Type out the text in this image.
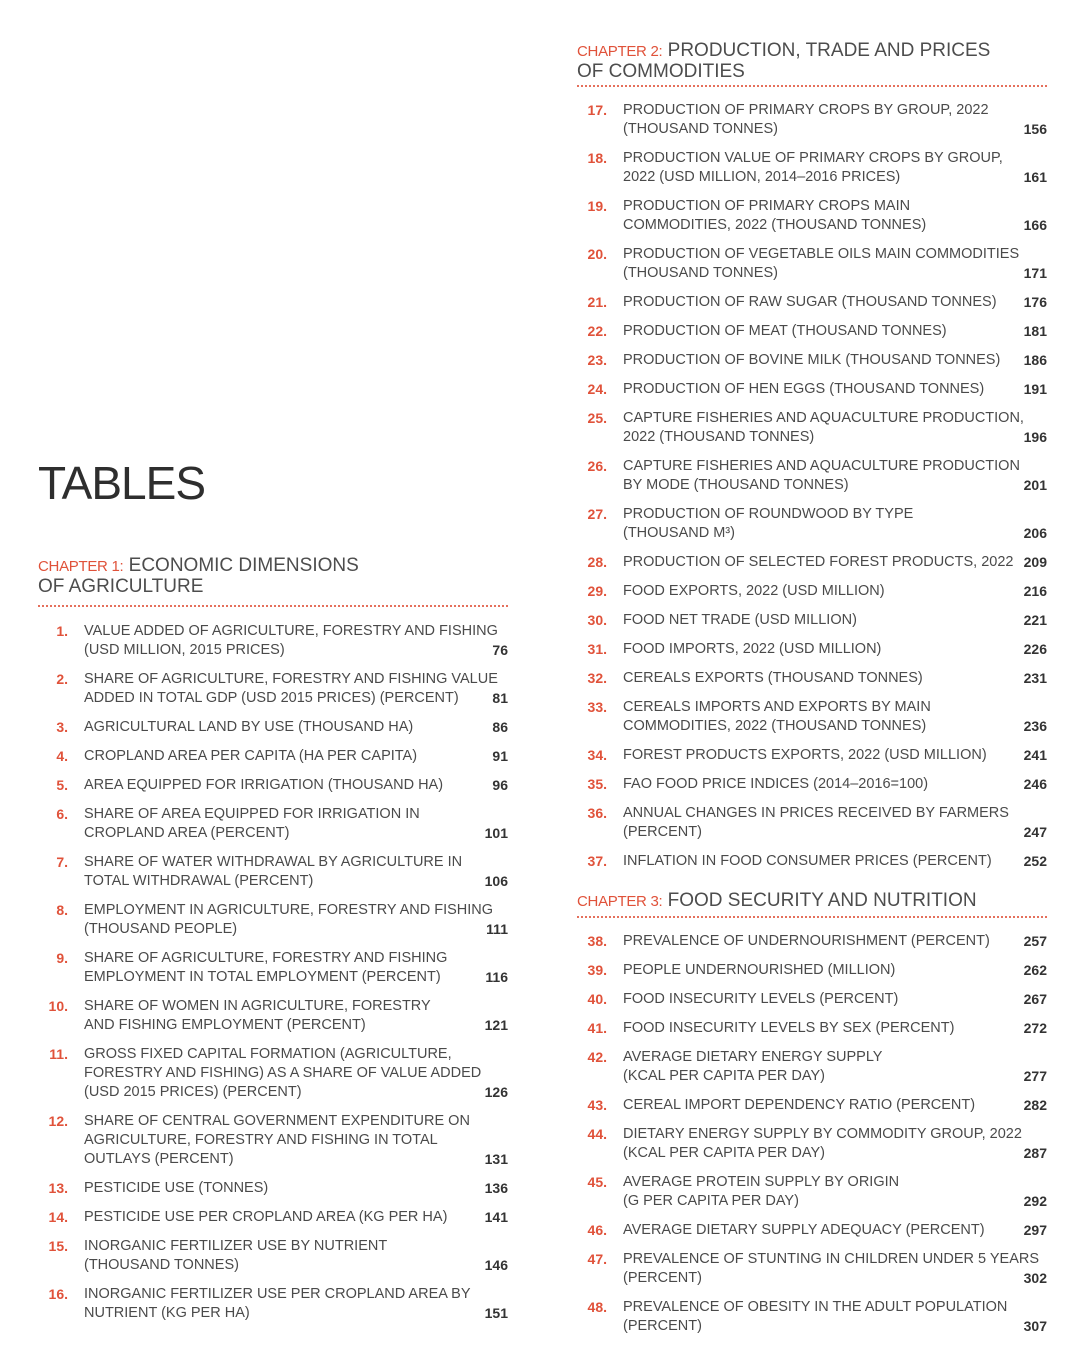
TABLES
CHAPTER 1: ECONOMIC DIMENSIONS
OF AGRICULTURE
1. VALUE ADDED OF AGRICULTURE, FORESTRY AND FISHING
(USD MILLION, 2015 PRICES)	76
2. SHARE OF AGRICULTURE, FORESTRY AND FISHING VALUE
ADDED IN TOTAL GDP (USD 2015 PRICES) (PERCENT)	81
3. AGRICULTURAL LAND BY USE (THOUSAND HA)	86
4. CROPLAND AREA PER CAPITA (HA PER CAPITA)	91
5. AREA EQUIPPED FOR IRRIGATION (THOUSAND HA)	96
6. SHARE OF AREA EQUIPPED FOR IRRIGATION IN
CROPLAND AREA (PERCENT)	101
7. SHARE OF WATER WITHDRAWAL BY AGRICULTURE IN
TOTAL WITHDRAWAL (PERCENT)	106
8. EMPLOYMENT IN AGRICULTURE, FORESTRY AND FISHING
(THOUSAND PEOPLE)	111
9. SHARE OF AGRICULTURE, FORESTRY AND FISHING
EMPLOYMENT IN TOTAL EMPLOYMENT (PERCENT)	116
10. SHARE OF WOMEN IN AGRICULTURE, FORESTRY
AND FISHING EMPLOYMENT (PERCENT)	121
11. GROSS FIXED CAPITAL FORMATION (AGRICULTURE,
FORESTRY AND FISHING) AS A SHARE OF VALUE ADDED
(USD 2015 PRICES) (PERCENT)	126
12. SHARE OF CENTRAL GOVERNMENT EXPENDITURE ON
AGRICULTURE, FORESTRY AND FISHING IN TOTAL
OUTLAYS (PERCENT)	131
13. PESTICIDE USE (TONNES)	136
14. PESTICIDE USE PER CROPLAND AREA (KG PER HA)	141
15. INORGANIC FERTILIZER USE BY NUTRIENT
(THOUSAND TONNES)	146
16. INORGANIC FERTILIZER USE PER CROPLAND AREA BY
NUTRIENT (KG PER HA)	151
CHAPTER 2: PRODUCTION, TRADE AND PRICES
OF COMMODITIES
17. PRODUCTION OF PRIMARY CROPS BY GROUP, 2022
(THOUSAND TONNES)	156
18. PRODUCTION VALUE OF PRIMARY CROPS BY GROUP,
2022 (USD MILLION, 2014–2016 PRICES)	161
19. PRODUCTION OF PRIMARY CROPS MAIN
COMMODITIES, 2022 (THOUSAND TONNES)	166
20. PRODUCTION OF VEGETABLE OILS MAIN COMMODITIES
(THOUSAND TONNES)	171
21. PRODUCTION OF RAW SUGAR (THOUSAND TONNES)	176
22. PRODUCTION OF MEAT (THOUSAND TONNES)	181
23. PRODUCTION OF BOVINE MILK (THOUSAND TONNES)	186
24. PRODUCTION OF HEN EGGS (THOUSAND TONNES)	191
25. CAPTURE FISHERIES AND AQUACULTURE PRODUCTION,
2022 (THOUSAND TONNES)	196
26. CAPTURE FISHERIES AND AQUACULTURE PRODUCTION
BY MODE (THOUSAND TONNES)	201
27. PRODUCTION OF ROUNDWOOD BY TYPE
(THOUSAND M³)	206
28. PRODUCTION OF SELECTED FOREST PRODUCTS, 2022 209
29. FOOD EXPORTS, 2022 (USD MILLION)	216
30. FOOD NET TRADE (USD MILLION)	221
31. FOOD IMPORTS, 2022 (USD MILLION)	226
32. CEREALS EXPORTS (THOUSAND TONNES)	231
33. CEREALS IMPORTS AND EXPORTS BY MAIN
COMMODITIES, 2022 (THOUSAND TONNES)	236
34. FOREST PRODUCTS EXPORTS, 2022 (USD MILLION)	241
35. FAO FOOD PRICE INDICES (2014–2016=100)	246
36. ANNUAL CHANGES IN PRICES RECEIVED BY FARMERS
(PERCENT)	247
37. INFLATION IN FOOD CONSUMER PRICES (PERCENT)	252
CHAPTER 3: FOOD SECURITY AND NUTRITION
38. PREVALENCE OF UNDERNOURISHMENT (PERCENT)	257
39. PEOPLE UNDERNOURISHED (MILLION)	262
40. FOOD INSECURITY LEVELS (PERCENT)	267
41. FOOD INSECURITY LEVELS BY SEX (PERCENT)	272
42. AVERAGE DIETARY ENERGY SUPPLY
(KCAL PER CAPITA PER DAY)	277
43. CEREAL IMPORT DEPENDENCY RATIO (PERCENT)	282
44. DIETARY ENERGY SUPPLY BY COMMODITY GROUP, 2022
(KCAL PER CAPITA PER DAY)	287
45. AVERAGE PROTEIN SUPPLY BY ORIGIN
(G PER CAPITA PER DAY)	292
46. AVERAGE DIETARY SUPPLY ADEQUACY (PERCENT)	297
47. PREVALENCE OF STUNTING IN CHILDREN UNDER 5 YEARS
(PERCENT)	302
48. PREVALENCE OF OBESITY IN THE ADULT POPULATION
(PERCENT)	307
